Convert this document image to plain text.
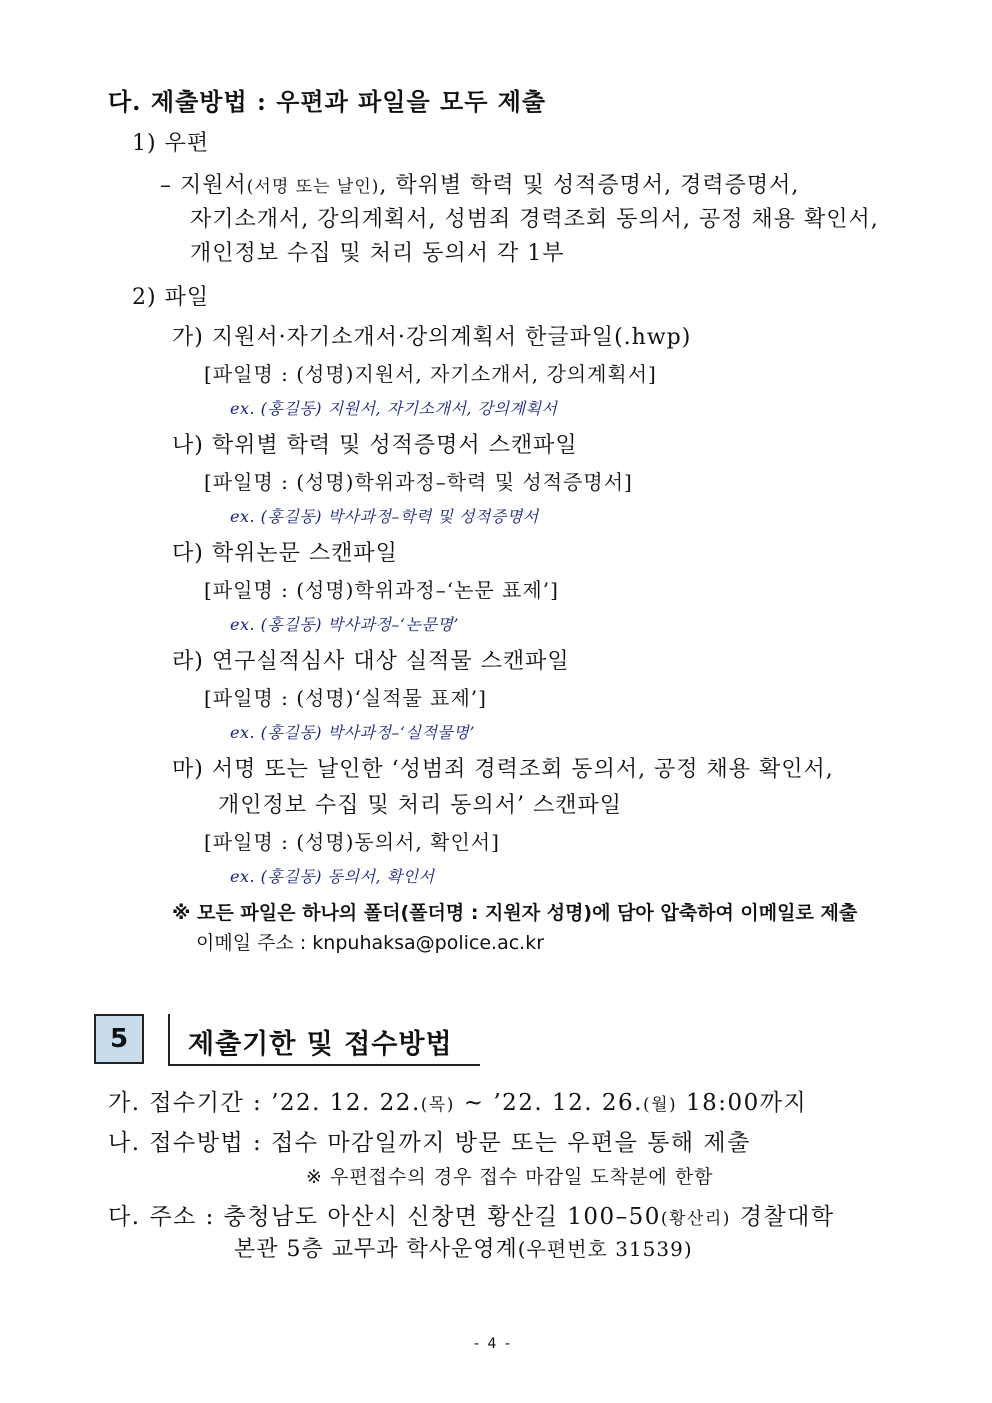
다. 제출방법 : 우편과 파일을 모두 제출
1) 우편
– 지원서(서명 또는 날인), 학위별 학력 및 성적증명서, 경력증명서,
자기소개서, 강의계획서, 성범죄 경력조회 동의서, 공정 채용 확인서,
개인정보 수집 및 처리 동의서 각 1부
2) 파일
가) 지원서·자기소개서·강의계획서 한글파일(.hwp)
[파일명 : (성명)지원서, 자기소개서, 강의계획서]
ex. (홍길동) 지원서, 자기소개서, 강의계획서
나) 학위별 학력 및 성적증명서 스캔파일
[파일명 : (성명)학위과정–학력 및 성적증명서]
ex. (홍길동) 박사과정–학력 및 성적증명서
다) 학위논문 스캔파일
[파일명 : (성명)학위과정–‘논문 표제’]
ex. (홍길동) 박사과정–‘논문명’
라) 연구실적심사 대상 실적물 스캔파일
[파일명 : (성명)‘실적물 표제’]
ex. (홍길동) 박사과정–‘실적물명’
마) 서명 또는 날인한 ‘성범죄 경력조회 동의서, 공정 채용 확인서,
개인정보 수집 및 처리 동의서’ 스캔파일
[파일명 : (성명)동의서, 확인서]
ex. (홍길동) 동의서, 확인서
※ 모든 파일은 하나의 폴더(폴더명 : 지원자 성명)에 담아 압축하여 이메일로 제출
이메일 주소 : knpuhaksa@police.ac.kr
5 제출기한 및 접수방법
가. 접수기간 : ’22. 12. 22.(목) ~ ’22. 12. 26.(월) 18:00까지
나. 접수방법 : 접수 마감일까지 방문 또는 우편을 통해 제출
※ 우편접수의 경우 접수 마감일 도착분에 한함
다. 주소 : 충청남도 아산시 신창면 황산길 100–50(황산리) 경찰대학
본관 5층 교무과 학사운영계(우편번호 31539)
- 4 -
